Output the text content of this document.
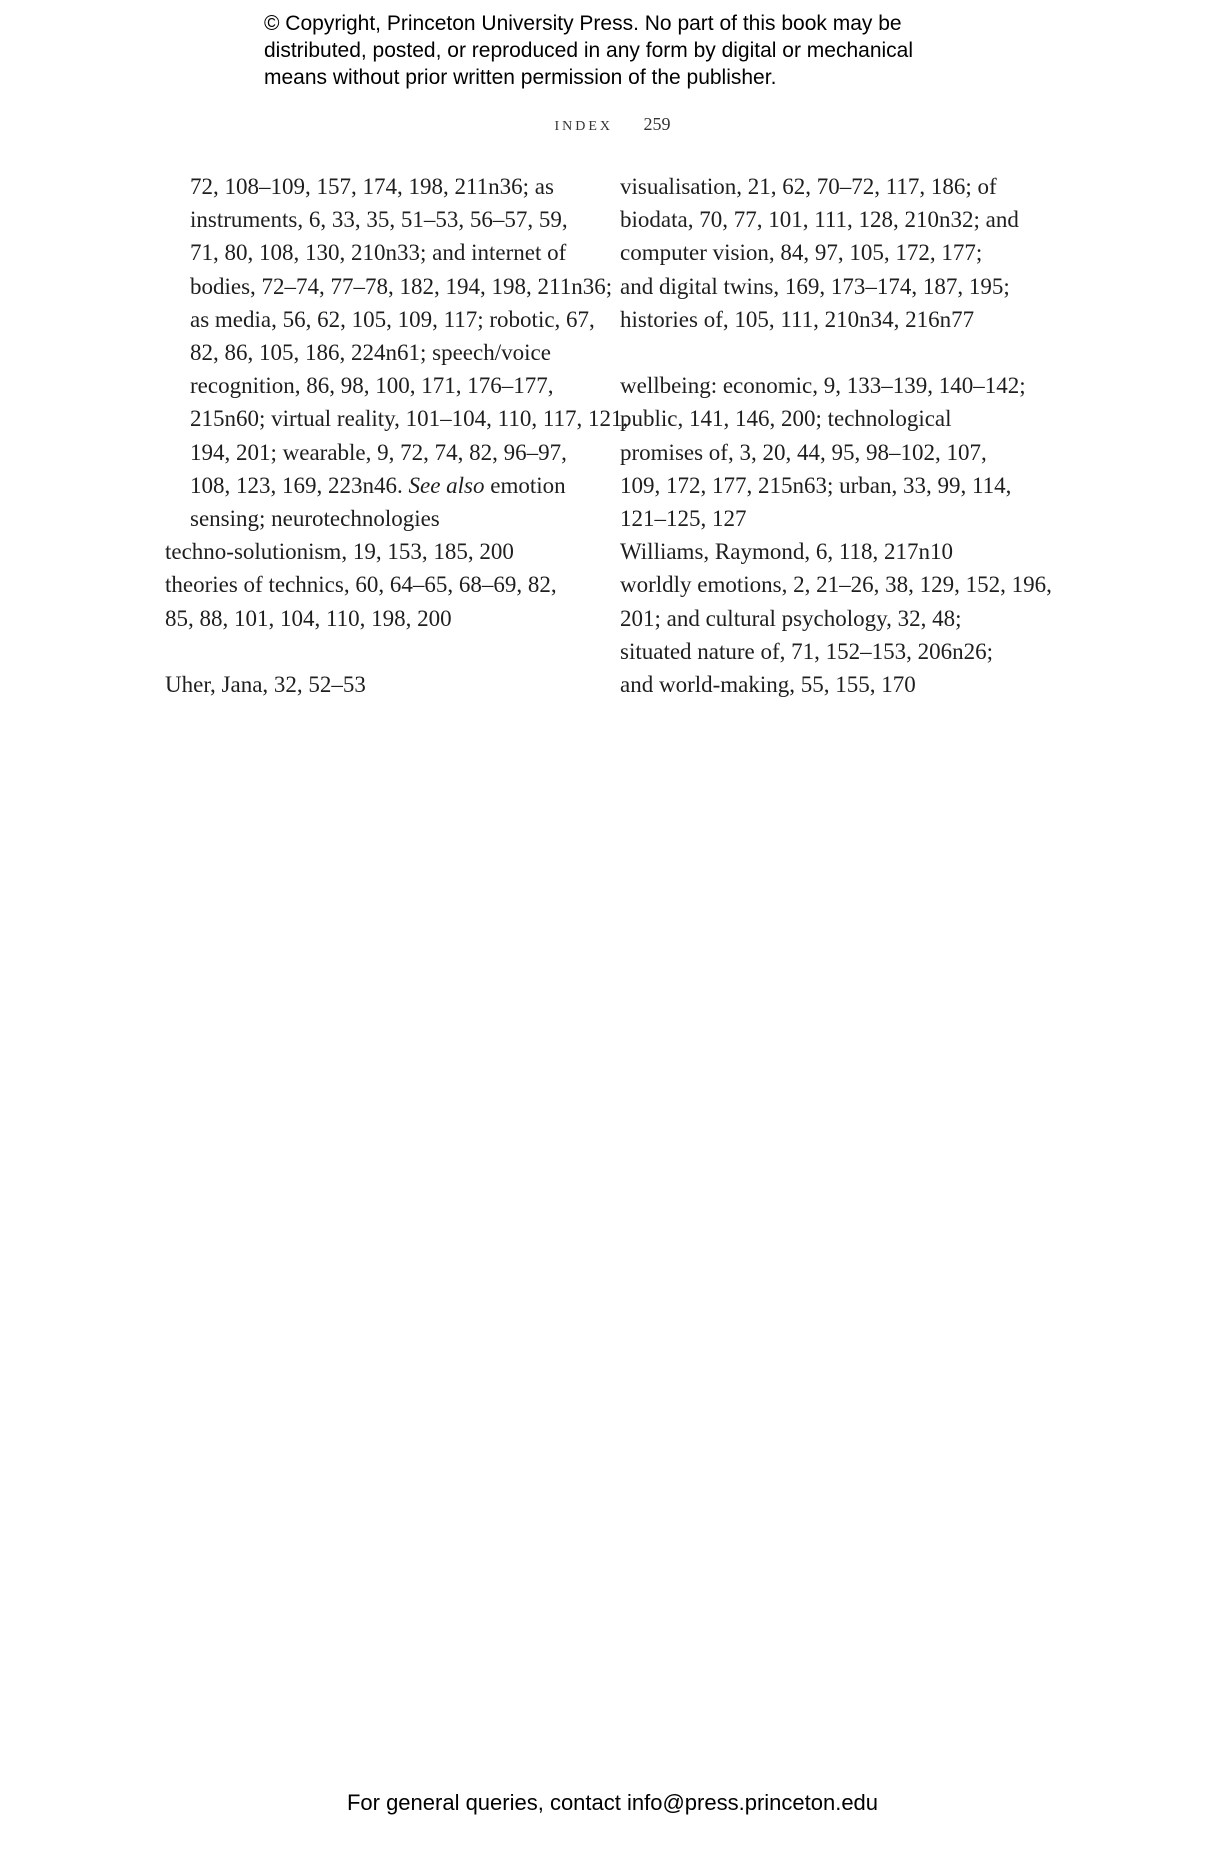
© Copyright, Princeton University Press. No part of this book may be
distributed, posted, or reproduced in any form by digital or mechanical
means without prior written permission of the publisher.
index 259
72, 108–109, 157, 174, 198, 211n36; as
instruments, 6, 33, 35, 51–53, 56–57, 59,
71, 80, 108, 130, 210n33; and internet of
bodies, 72–74, 77–78, 182, 194, 198, 211n36;
as media, 56, 62, 105, 109, 117; robotic, 67,
82, 86, 105, 186, 224n61; speech/voice
recognition, 86, 98, 100, 171, 176–177,
215n60; virtual reality, 101–104, 110, 117, 121,
194, 201; wearable, 9, 72, 74, 82, 96–97,
108, 123, 169, 223n46. See also emotion
sensing; neurotechnologies
techno-solutionism, 19, 153, 185, 200
theories of technics, 60, 64–65, 68–69, 82,
85, 88, 101, 104, 110, 198, 200
Uher, Jana, 32, 52–53
visualisation, 21, 62, 70–72, 117, 186; of
biodata, 70, 77, 101, 111, 128, 210n32; and
computer vision, 84, 97, 105, 172, 177;
and digital twins, 169, 173–174, 187, 195;
histories of, 105, 111, 210n34, 216n77
wellbeing: economic, 9, 133–139, 140–142;
public, 141, 146, 200; technological
promises of, 3, 20, 44, 95, 98–102, 107,
109, 172, 177, 215n63; urban, 33, 99, 114,
121–125, 127
Williams, Raymond, 6, 118, 217n10
worldly emotions, 2, 21–26, 38, 129, 152, 196,
201; and cultural psychology, 32, 48;
situated nature of, 71, 152–153, 206n26;
and world-making, 55, 155, 170
For general queries, contact info@press.princeton.edu
